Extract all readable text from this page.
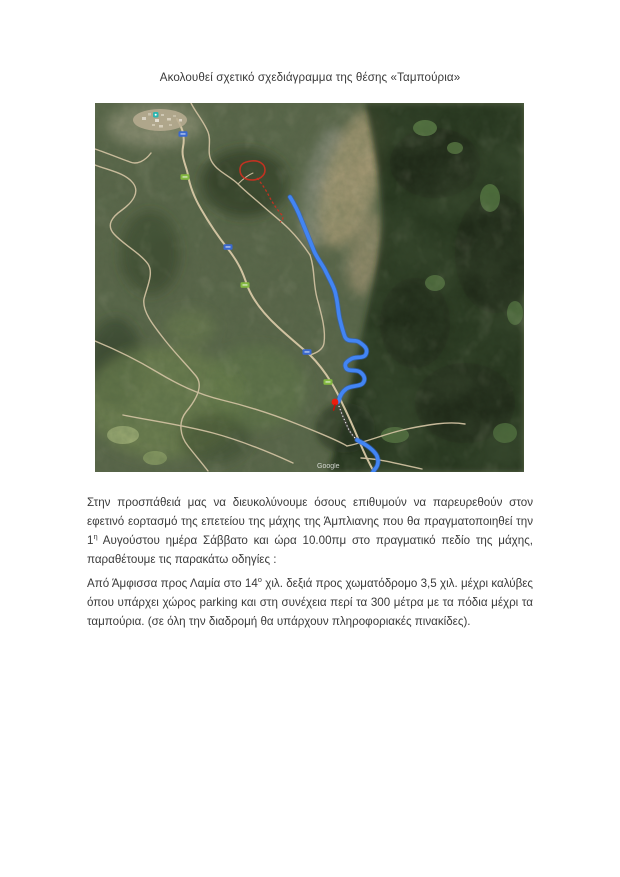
Ακολουθεί σχετικό σχεδιάγραμμα της θέσης «Ταμπούρια»
Google

Στην προσπάθειά μας να διευκολύνουμε όσους επιθυμούν να παρευρεθούν στον εφετινό εορτασμό της επετείου της μάχης της Άμπλιανης που θα πραγματοποιηθεί την $1^\eta$ Αυγούστου ημέρα Σάββατο και ώρα 10.00πμ στο πραγματικό πεδίο της μάχης, παραθέτουμε τις παρακάτω οδηγίες :

Από Άμφισσα προς Λαμία στο $14^o$ χιλ. δεξιά προς χωματόδρομο 3,5 χιλ. μέχρι καλύβες όπου υπάρχει χώρος parking και στη συνέχεια περί τα 300 μέτρα με τα πόδια μέχρι τα ταμπούρια. (σε όλη την διαδρομή θα υπάρχουν πληροφοριακές πινακίδες).
